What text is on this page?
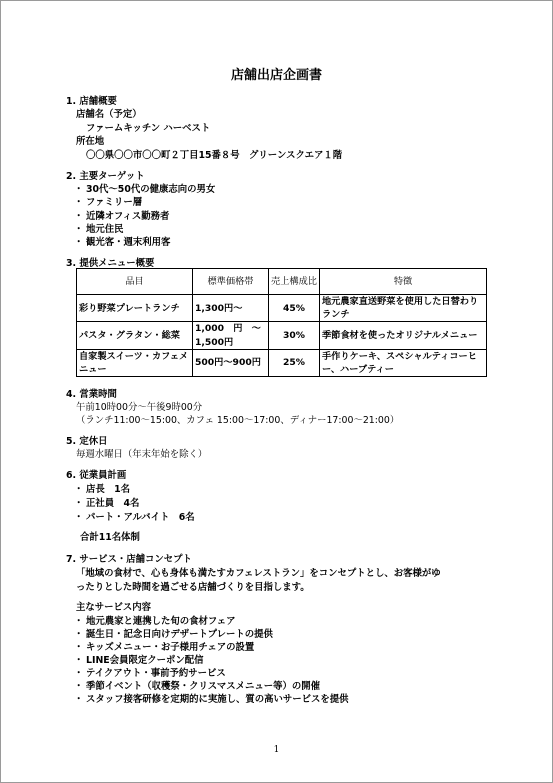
店舗出店企画書
1. 店舗概要
店舗名（予定）
ファームキッチン ハーベスト
所在地
〇〇県〇〇市〇〇町２丁目15番８号　グリーンスクエア１階
2. 主要ターゲット
・ 30代〜50代の健康志向の男女
・ ファミリー層
・ 近隣オフィス勤務者
・ 地元住民
・ 観光客・週末利用客
3. 提供メニュー概要
品目	標準価格帯	売上構成比	特徴
彩り野菜プレートランチ	1,300円〜	45%	地元農家直送野菜を使用した日替わりランチ
パスタ・グラタン・総菜	1,000　円　〜 1,500円	30%	季節食材を使ったオリジナルメニュー
自家製スイーツ・カフェメニュー	500円〜900円	25%	手作りケーキ、スペシャルティコーヒー、ハーブティー
4. 営業時間
午前10時00分〜午後9時00分
（ランチ11:00〜15:00、カフェ 15:00〜17:00、ディナー17:00〜21:00）
5. 定休日
毎週水曜日（年末年始を除く）
6. 従業員計画
・ 店長　1名
・ 正社員　4名
・ パート・アルバイト　6名
合計11名体制
7. サービス・店舗コンセプト
「地域の食材で、心も身体も満たすカフェレストラン」をコンセプトとし、お客様がゆ
ったりとした時間を過ごせる店舗づくりを目指します。
主なサービス内容
・ 地元農家と連携した旬の食材フェア
・ 誕生日・記念日向けデザートプレートの提供
・ キッズメニュー・お子様用チェアの設置
・ LINE会員限定クーポン配信
・ テイクアウト・事前予約サービス
・ 季節イベント（収穫祭・クリスマスメニュー等）の開催
・ スタッフ接客研修を定期的に実施し、質の高いサービスを提供
1
